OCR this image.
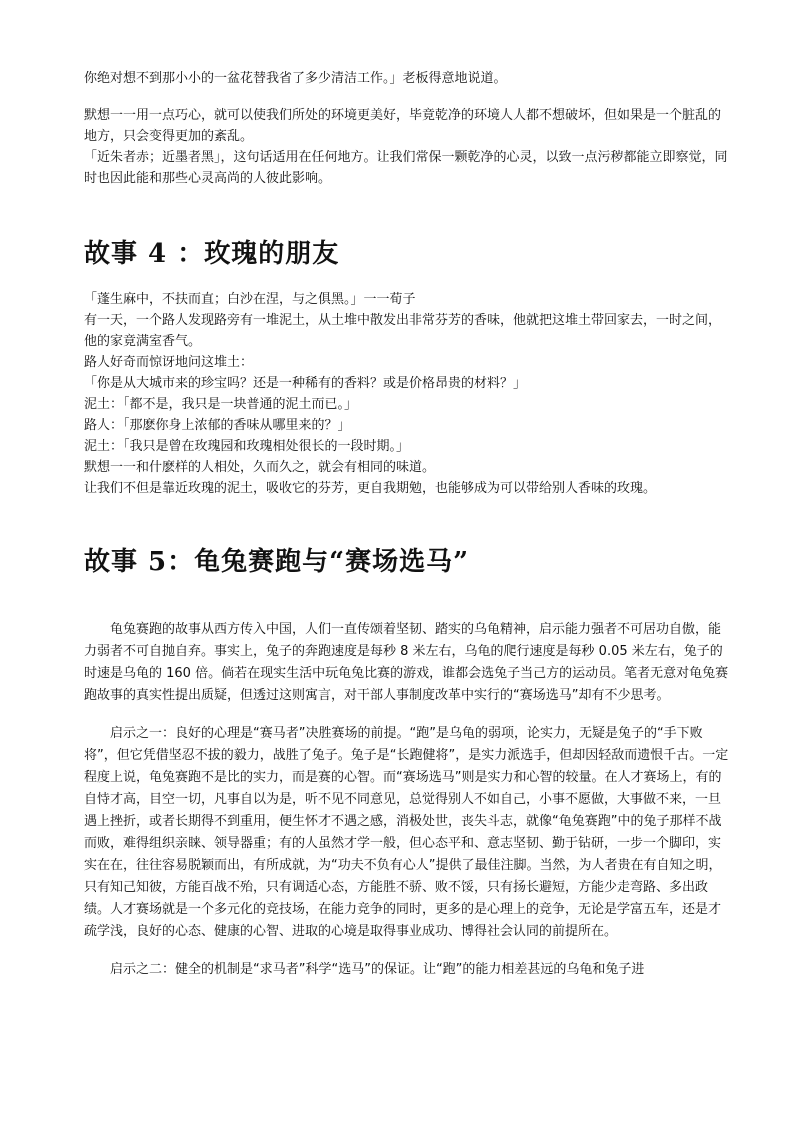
你绝对想不到那小小的一盆花替我省了多少清洁工作。」老板得意地说道。

默想一一用一点巧心，就可以使我们所处的环境更美好，毕竟乾净的环境人人都不想破坏，但如果是一个脏乱的地方，只会变得更加的紊乱。

「近朱者赤；近墨者黑」，这句话适用在任何地方。让我们常保一颗乾净的心灵，以致一点污秽都能立即察觉，同时也因此能和那些心灵高尚的人彼此影响。

故事 4 ：玫瑰的朋友

「蓬生麻中，不扶而直；白沙在涅，与之俱黑。」一一荀子

有一天，一个路人发现路旁有一堆泥土，从土堆中散发出非常芬芳的香味，他就把这堆土带回家去，一时之间，他的家竟满室香气。

路人好奇而惊讶地问这堆土：

「你是从大城市来的珍宝吗？还是一种稀有的香料？或是价格昂贵的材料？」

泥土：「都不是，我只是一块普通的泥土而已。」

路人：「那麽你身上浓郁的香味从哪里来的？」

泥土：「我只是曾在玫瑰园和玫瑰相处很长的一段时期。」

默想一一和什麽样的人相处，久而久之，就会有相同的味道。

让我们不但是靠近玫瑰的泥土，吸收它的芬芳，更自我期勉，也能够成为可以带给别人香味的玫瑰。

故事 5：龟兔赛跑与“赛场选马”

龟兔赛跑的故事从西方传入中国，人们一直传颂着坚韧、踏实的乌龟精神，启示能力强者不可居功自傲，能力弱者不可自抛自弃。事实上，兔子的奔跑速度是每秒 8 米左右，乌龟的爬行速度是每秒 0.05 米左右，兔子的时速是乌龟的 160 倍。倘若在现实生活中玩龟兔比赛的游戏，谁都会选兔子当己方的运动员。笔者无意对龟兔赛跑故事的真实性提出质疑，但透过这则寓言，对干部人事制度改革中实行的“赛场选马”却有不少思考。

启示之一：良好的心理是“赛马者”决胜赛场的前提。“跑”是乌龟的弱项，论实力，无疑是兔子的“手下败将”，但它凭借坚忍不拔的毅力，战胜了兔子。兔子是“长跑健将”，是实力派选手，但却因轻敌而遗恨千古。一定程度上说，龟兔赛跑不是比的实力，而是赛的心智。而“赛场选马”则是实力和心智的较量。在人才赛场上，有的自恃才高，目空一切，凡事自以为是，听不见不同意见，总觉得别人不如自己，小事不愿做，大事做不来，一旦遇上挫折，或者长期得不到重用，便生怀才不遇之感，消极处世，丧失斗志，就像“龟兔赛跑”中的兔子那样不战而败，难得组织亲睐、领导器重；有的人虽然才学一般，但心态平和、意志坚韧、勤于钻研，一步一个脚印，实实在在，往往容易脱颖而出，有所成就，为“功夫不负有心人”提供了最佳注脚。当然，为人者贵在有自知之明，只有知己知彼，方能百战不殆，只有调适心态，方能胜不骄、败不馁，只有扬长避短，方能少走弯路、多出政绩。人才赛场就是一个多元化的竞技场，在能力竞争的同时，更多的是心理上的竞争，无论是学富五车，还是才疏学浅，良好的心态、健康的心智、进取的心境是取得事业成功、博得社会认同的前提所在。

启示之二：健全的机制是“求马者”科学“选马”的保证。让“跑”的能力相差甚远的乌龟和兔子进
